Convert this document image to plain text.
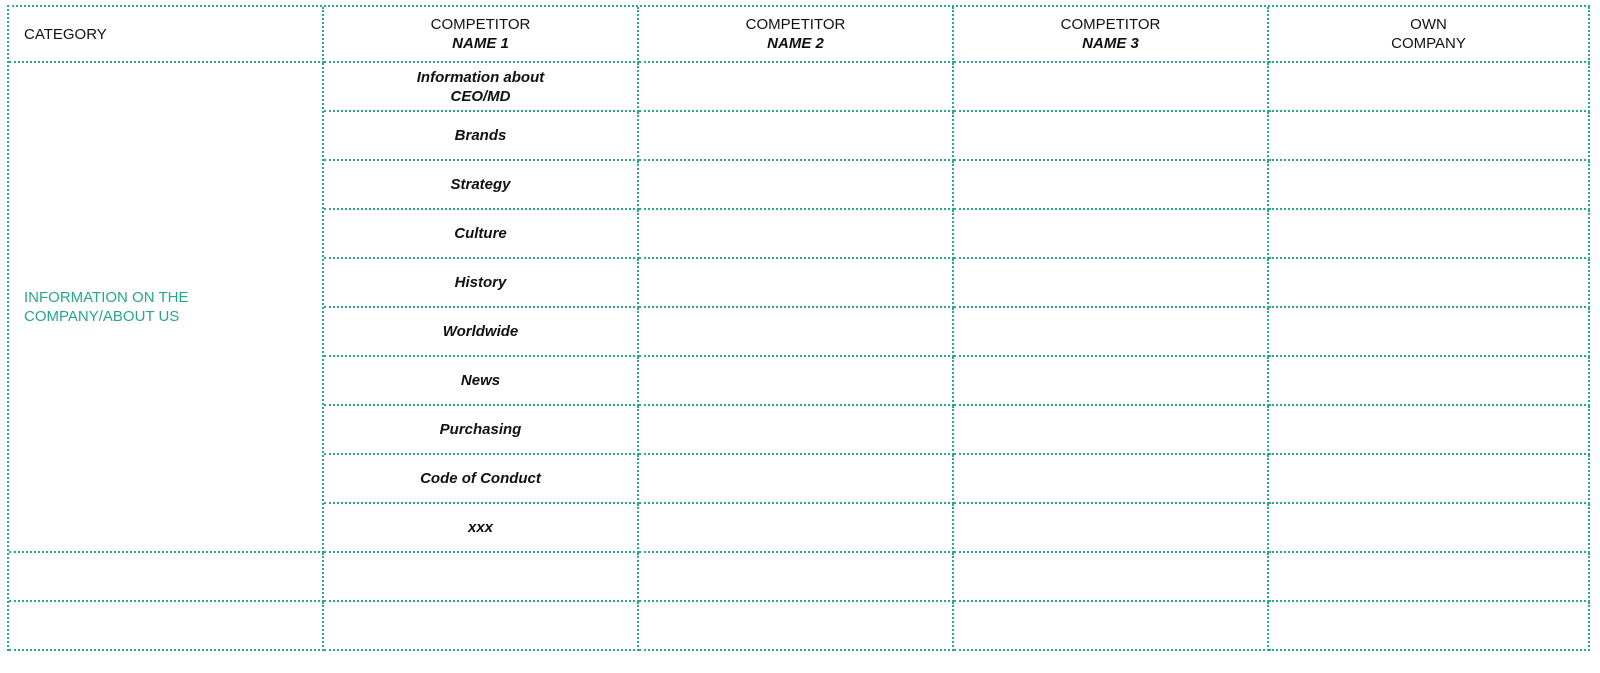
CATEGORY
COMPETITOR
NAME 1
COMPETITOR
NAME 2
COMPETITOR
NAME 3
OWN
COMPANY
INFORMATION ON THE
COMPANY/ABOUT US
Information about
CEO/MD
Brands
Strategy
Culture
History
Worldwide
News
Purchasing
Code of Conduct
xxx
